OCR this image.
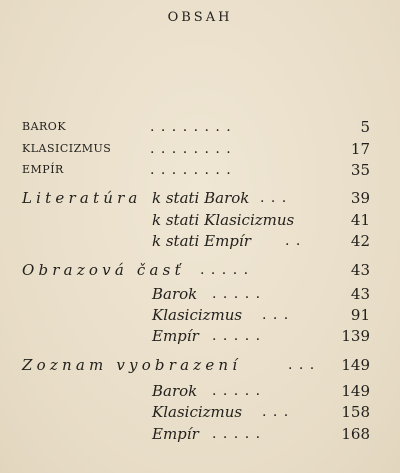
OBSAH
BAROK	. . . . . . . .	5
KLASICIZMUS	. . . . . . . .	17
EMPÍR	. . . . . . . .	35
Literatúra k stati Barok . . .	39
k stati Klasicizmus	41
k stati Empír . .	42
Obrazová časť . . . . .	43
Barok . . . . .	43
Klasicizmus . . .	91
Empír . . . . .	139
Zoznam vyobrazení	. . . 149
Barok . . . . .	149
Klasicizmus . . .	158
Empír . . . . .	168
